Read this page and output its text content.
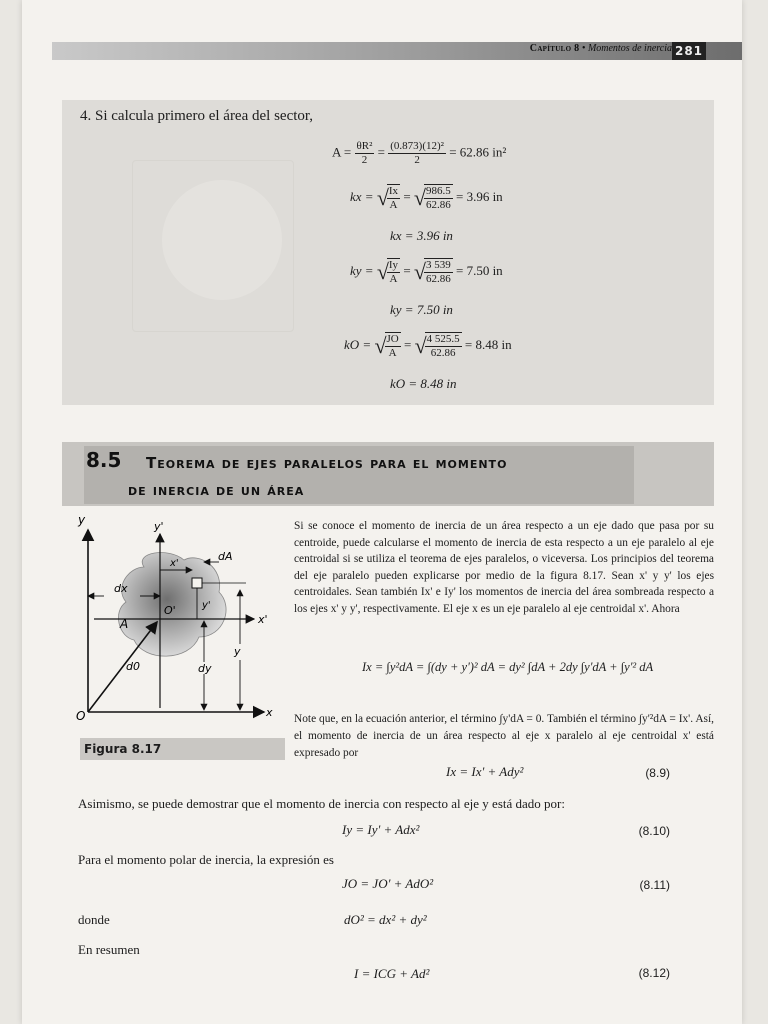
Capítulo 8 • Momentos de inercia 281
4. Si calcula primero el área del sector,
$A = \frac{\text{θR²}}{2} = \frac{\text{(0.873)(12)²}}{2} = 62.86$ in²
kx = √
$\frac{Ix}{A}$ = √
$\frac{986.5}{62.86} = 3.96$ in
kx = 3.96 in
ky = √
$\frac{Iy}{A}$ = √
$\frac{3 539}{62.86} = 7.50$ in
ky = 7.50 in
kO = √
$\frac{JO}{A}$ = √
$\frac{4 525.5}{62.86} = 8.48$ in
kO = 8.48 in
8.5 Teorema de ejes paralelos para el momento
de inercia de un área
y	y'
x'
dA
dx
O'	y'
x'
A
y
d0	dy
O	x
Figura 8.17

Si se conoce el momento de inercia de un área respecto a un eje dado que pasa por su centroide, puede calcularse el momento de inercia de esta respecto a un eje paralelo al eje centroidal si se utiliza el teorema de ejes paralelos, o viceversa. Los principios del teorema del eje paralelo pueden explicarse por medio de la figura 8.17. Sean x' y y' los ejes centroidales. Sean también Ix' e Iy' los momentos de inercia del área sombreada respecto a los ejes x' y y', respectivamente. El eje x es un eje paralelo al eje centroidal x'. Ahora

Ix = ∫y²dA = ∫(dy + y')² dA = dy² ∫dA + 2dy ∫y'dA + ∫y'² dA

Note que, en la ecuación anterior, el término ∫y'dA = 0. También el término ∫y'²dA = Ix'. Así, el momento de inercia de un área respecto al eje x paralelo al eje centroidal x' está expresado por

Ix = Ix' + Ady²	(8.9)
Asimismo, se puede demostrar que el momento de inercia con respecto al eje y está dado por:
Iy = Iy' + Adx²	(8.10)
Para el momento polar de inercia, la expresión es
JO = JO' + AdO²	(8.11)
donde	dO² = dx² + dy²
En resumen
I = ICG + Ad²	(8.12)
